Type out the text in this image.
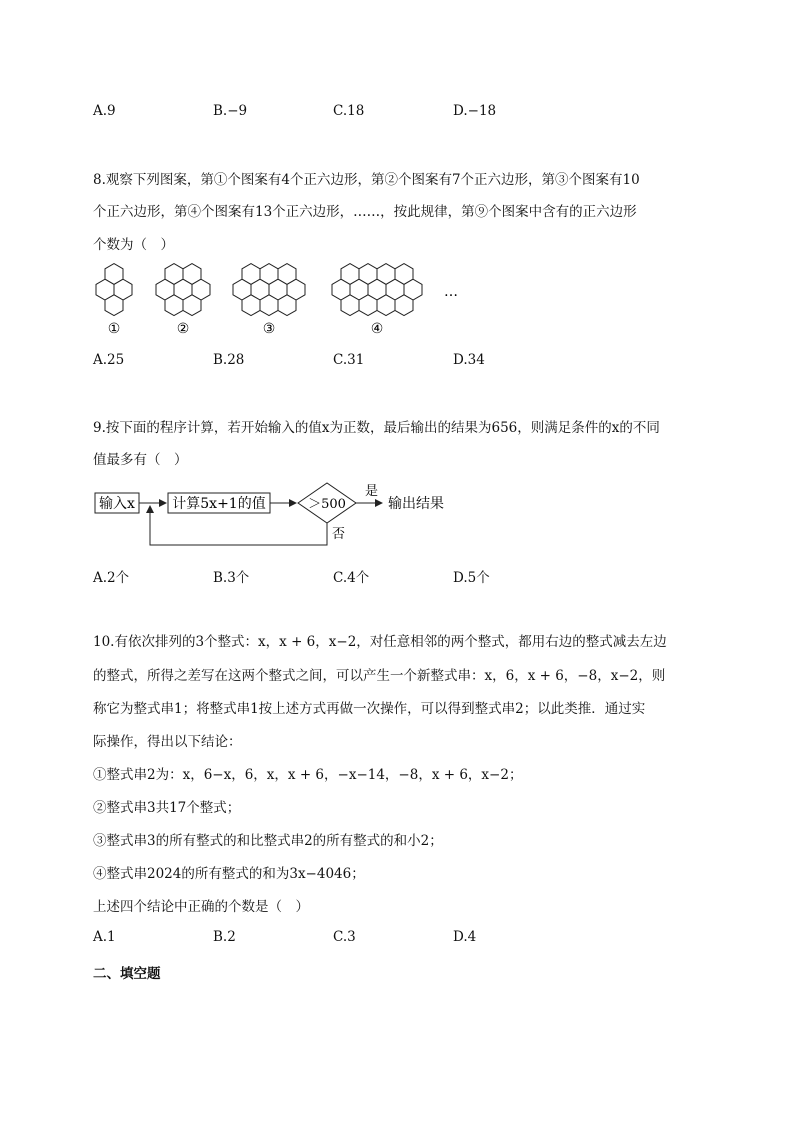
A.9	B.−9	C.18	D.−18
8.观察下列图案，第①个图案有4个正六边形，第②个图案有7个正六边形，第③个图案有10
个正六边形，第④个图案有13个正六边形，……，按此规律，第⑨个图案中含有的正六边形
个数为（　）
…
①	②	③	④
A.25	B.28	C.31	D.34
9.按下面的程序计算，若开始输入的值x为正数，最后输出的结果为656，则满足条件的x的不同
值最多有（　）
输入x	计算5x+1的值	＞500
是
输出结果
否
A.2个	B.3个	C.4个	D.5个
10.有依次排列的3个整式：x，x + 6，x−2，对任意相邻的两个整式，都用右边的整式减去左边
的整式，所得之差写在这两个整式之间，可以产生一个新整式串：x，6，x + 6，−8，x−2，则
称它为整式串1；将整式串1按上述方式再做一次操作，可以得到整式串2；以此类推．通过实
际操作，得出以下结论：
①整式串2为：x，6−x，6，x，x + 6，−x−14，−8，x + 6，x−2；
②整式串3共17个整式；
③整式串3的所有整式的和比整式串2的所有整式的和小2；
④整式串2024的所有整式的和为3x−4046；
上述四个结论中正确的个数是（　）
A.1	B.2	C.3	D.4
二、填空题
